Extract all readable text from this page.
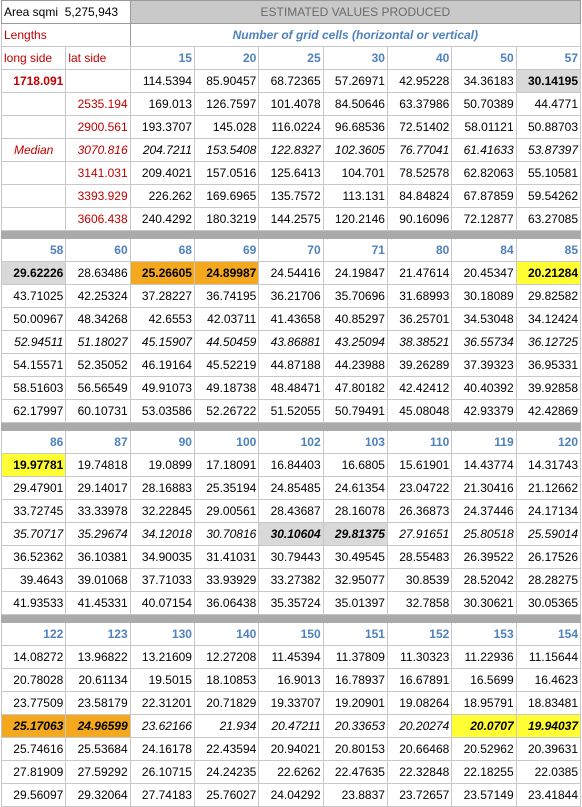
Area sqmi 5,275,943		ESTIMATED VALUES PRODUCED						
Lengths		Number of grid cells (horizontal or vertical)						
long side	lat side	15	20	25	30	40	50	57
1718.091		114.5394	85.90457	68.72365	57.26971	42.95228	34.36183	30.14195
	2535.194	169.013	126.7597	101.4078	84.50646	63.37986	50.70389	44.4771
	2900.561	193.3707	145.028	116.0224	96.68536	72.51402	58.01121	50.88703
Median	3070.816	204.7211	153.5408	122.8327	102.3605	76.77041	61.41633	53.87397
	3141.031	209.4021	157.0516	125.6413	104.701	78.52578	62.82063	55.10581
	3393.929	226.262	169.6965	135.7572	113.131	84.84824	67.87859	59.54262
	3606.438	240.4292	180.3219	144.2575	120.2146	90.16096	72.12877	63.27085

58	60	68	69	70	71	80	84	85
29.62226	28.63486	25.26605	24.89987	24.54416	24.19847	21.47614	20.45347	20.21284
43.71025	42.25324	37.28227	36.74195	36.21706	35.70696	31.68993	30.18089	29.82582
50.00967	48.34268	42.6553	42.03711	41.43658	40.85297	36.25701	34.53048	34.12424
52.94511	51.18027	45.15907	44.50459	43.86881	43.25094	38.38521	36.55734	36.12725
54.15571	52.35052	46.19164	45.52219	44.87188	44.23988	39.26289	37.39323	36.95331
58.51603	56.56549	49.91073	49.18738	48.48471	47.80182	42.42412	40.40392	39.92858
62.17997	60.10731	53.03586	52.26722	51.52055	50.79491	45.08048	42.93379	42.42869

86	87	90	100	102	103	110	119	120
19.97781	19.74818	19.0899	17.18091	16.84403	16.6805	15.61901	14.43774	14.31743
29.47901	29.14017	28.16883	25.35194	24.85485	24.61354	23.04722	21.30416	21.12662
33.72745	33.33978	32.22845	29.00561	28.43687	28.16078	26.36873	24.37446	24.17134
35.70717	35.29674	34.12018	30.70816	30.10604	29.81375	27.91651	25.80518	25.59014
36.52362	36.10381	34.90035	31.41031	30.79443	30.49545	28.55483	26.39522	26.17526
39.4643	39.01068	37.71033	33.93929	33.27382	32.95077	30.8539	28.52042	28.28275
41.93533	41.45331	40.07154	36.06438	35.35724	35.01397	32.7858	30.30621	30.05365

122	123	130	140	150	151	152	153	154
14.08272	13.96822	13.21609	12.27208	11.45394	11.37809	11.30323	11.22936	11.15644
20.78028	20.61134	19.5015	18.10853	16.9013	16.78937	16.67891	16.5699	16.4623
23.77509	23.58179	22.31201	20.71829	19.33707	19.20901	19.08264	18.95791	18.83481
25.17063	24.96599	23.62166	21.934	20.47211	20.33653	20.20274	20.0707	19.94037
25.74616	25.53684	24.16178	22.43594	20.94021	20.80153	20.66468	20.52962	20.39631
27.81909	27.59292	26.10715	24.24235	22.6262	22.47635	22.32848	22.18255	22.0385
29.56097	29.32064	27.74183	25.76027	24.04292	23.8837	23.72657	23.57149	23.41844
